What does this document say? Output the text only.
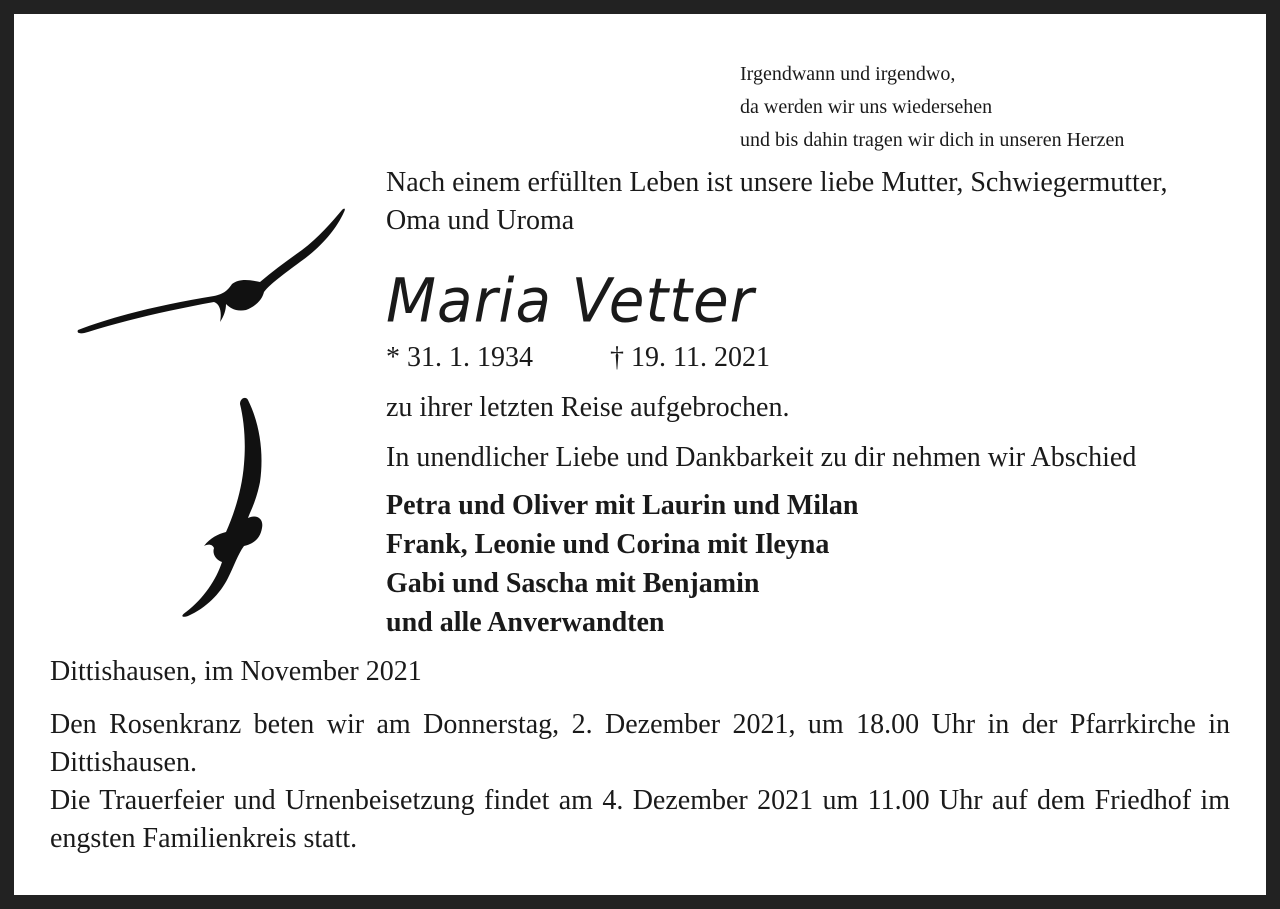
Irgendwann und irgendwo,
da werden wir uns wiedersehen
und bis dahin tragen wir dich in unseren Herzen
Nach einem erfüllten Leben ist unsere liebe Mutter, Schwiegermutter,
Oma und Uroma
Maria Vetter
* 31. 1. 1934	† 19. 11. 2021
zu ihrer letzten Reise aufgebrochen.
In unendlicher Liebe und Dankbarkeit zu dir nehmen wir Abschied
Petra und Oliver mit Laurin und Milan
Frank, Leonie und Corina mit Ileyna
Gabi und Sascha mit Benjamin
und alle Anverwandten
Dittishausen, im November 2021
Den Rosenkranz beten wir am Donnerstag, 2. Dezember 2021, um 18.00 Uhr in der Pfarrkirche in Dittishausen.
Die Trauerfeier und Urnenbeisetzung findet am 4. Dezember 2021 um 11.00 Uhr auf dem Friedhof im engsten Familienkreis statt.
